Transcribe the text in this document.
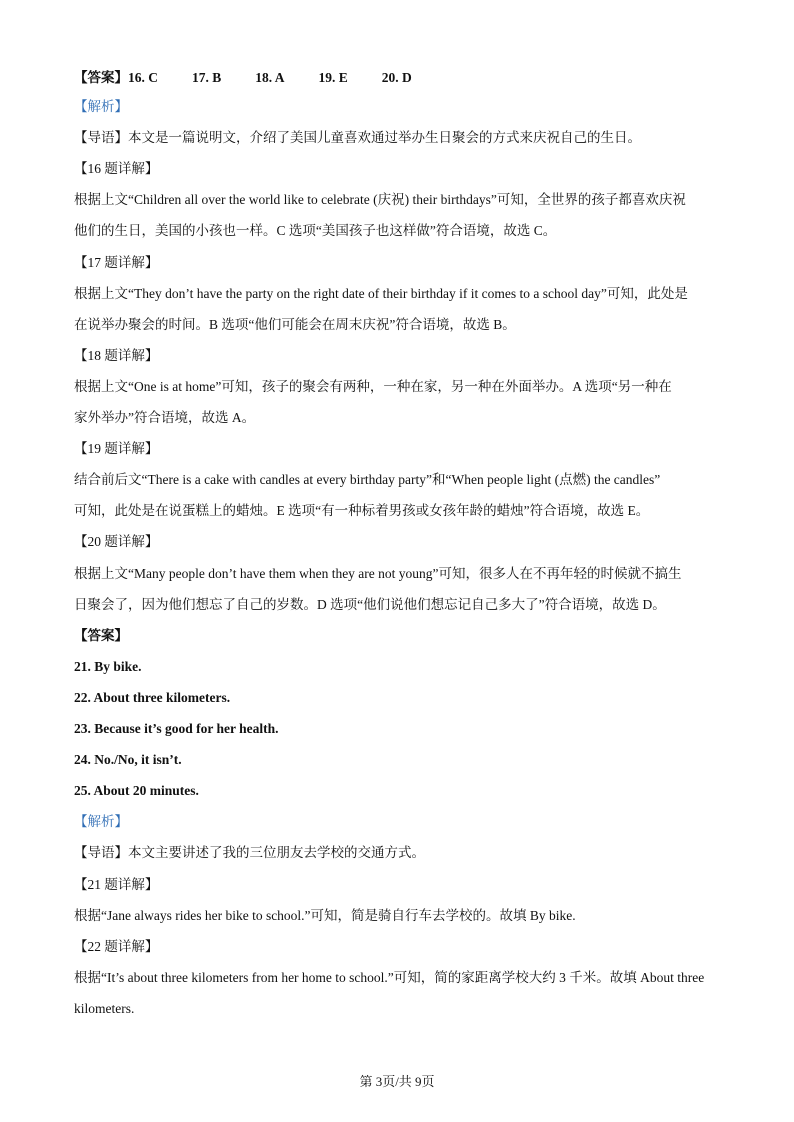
【答案】16. C	17. B	18. A	19. E	20. D
【解析】
【导语】本文是一篇说明文，介绍了美国儿童喜欢通过举办生日聚会的方式来庆祝自己的生日。
【16 题详解】
根据上文“Children all over the world like to celebrate (庆祝) their birthdays”可知，全世界的孩子都喜欢庆祝
他们的生日，美国的小孩也一样。C 选项“美国孩子也这样做”符合语境，故选 C。
【17 题详解】
根据上文“They don’t have the party on the right date of their birthday if it comes to a school day”可知，此处是
在说举办聚会的时间。B 选项“他们可能会在周末庆祝”符合语境，故选 B。
【18 题详解】
根据上文“One is at home”可知，孩子的聚会有两种，一种在家，另一种在外面举办。A 选项“另一种在
家外举办”符合语境，故选 A。
【19 题详解】
结合前后文“There is a cake with candles at every birthday party”和“When people light (点燃) the candles”
可知，此处是在说蛋糕上的蜡烛。E 选项“有一种标着男孩或女孩年龄的蜡烛”符合语境，故选 E。
【20 题详解】
根据上文“Many people don’t have them when they are not young”可知，很多人在不再年轻的时候就不搞生
日聚会了，因为他们想忘了自己的岁数。D 选项“他们说他们想忘记自己多大了”符合语境，故选 D。
【答案】
21. By bike.
22. About three kilometers.
23. Because it’s good for her health.
24. No./No, it isn’t.
25. About 20 minutes.
【解析】
【导语】本文主要讲述了我的三位朋友去学校的交通方式。
【21 题详解】
根据“Jane always rides her bike to school.”可知，简是骑自行车去学校的。故填 By bike.
【22 题详解】
根据“It’s about three kilometers from her home to school.”可知，简的家距离学校大约 3 千米。故填 About three
kilometers.
第 3页/共 9页
